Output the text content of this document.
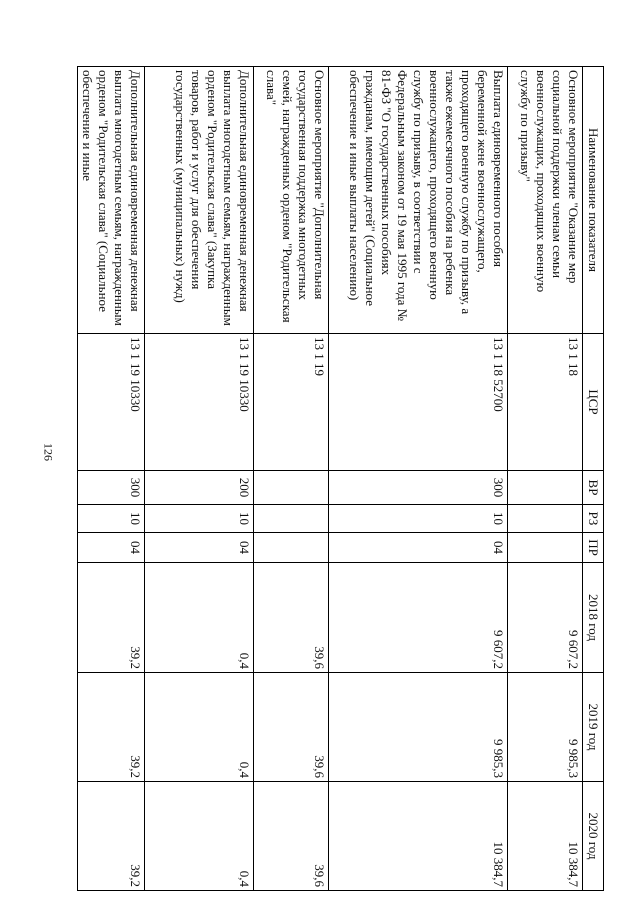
126
Наименование показателя	ЦСР	ВР	РЗ	ПР	2018 год	2019 год	2020 год
Основное мероприятие "Оказание мер социальной поддержки членам семьи военнослужащих, проходящих военную службу по призыву"	13 1 18				9 607,2	9 985,3	10 384,7
Выплата единовременного пособия беременной жене военнослужащего, проходящего военную службу по призыву, а также ежемесячного пособия на ребенка военнослужащего, проходящего военную службу по призыву, в соответствии с Федеральным законом от 19 мая 1995 года № 81-ФЗ "О государственных пособиях гражданам, имеющим детей" (Социальное обеспечение и иные выплаты населению)	13 1 18 52700	300	10	04	9 607,2	9 985,3	10 384,7
Основное мероприятие "Дополнительная государственная поддержка многодетных семей, награжденных орденом "Родительская слава"	13 1 19				39,6	39,6	39,6
Дополнительная единовременная денежная выплата многодетным семьям, награжденным орденом "Родительская слава" (Закупка товаров, работ и услуг для обеспечения государственных (муниципальных) нужд)	13 1 19 10330	200	10	04	0,4	0,4	0,4
Дополнительная единовременная денежная выплата многодетным семьям, награжденным орденом "Родительская слава" (Социальное обеспечение и иные	13 1 19 10330	300	10	04	39,2	39,2	39,2
